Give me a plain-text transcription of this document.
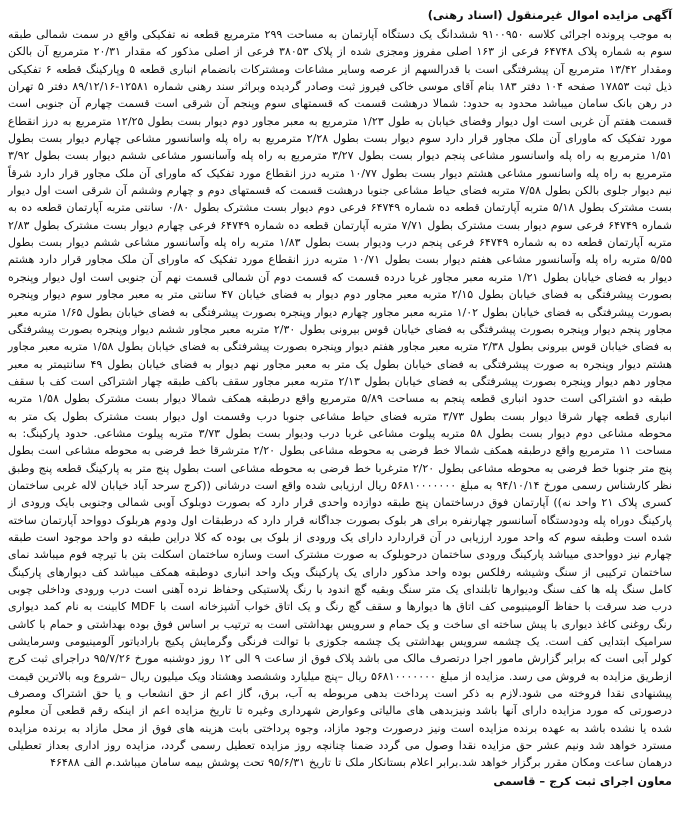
آگهی مزایده اموال غیرمنقول (اسناد رهنی)

به موجب پرونده اجرائی کلاسه ۹۱۰۰۹۵۰ ششدانگ یک دستگاه آپارتمان به مساحت ۲۹۹ مترمربع قطعه نه تفکیکی واقع در سمت شمالی طبقه سوم به شماره پلاک ۶۴۷۴۸ فرعی از ۱۶۳ اصلی مفروز ومجزی شده از پلاک ۳۸۰۵۳ فرعی از اصلی مذکور که مقدار ۲۰/۳۱ مترمربع آن بالکن ومقدار ۱۳/۴۲ مترمربع آن پیشرفتگی است با قدرالسهم از عرصه وسایر مشاعات ومشترکات بانضمام انباری قطعه ۵ وپارکینگ قطعه ۶ تفکیکی ذیل ثبت ۱۷۸۵۳ صفحه ۱۰۴ دفتر ۱۸۳ بنام آقای موسی خاکی فیروز ثبت وصادر گردیده وبراثر سند رهنی شماره ۱۲۵۸۱-۸۹/۱۲/۱۶ دفتر ۵ تهران در رهن بانک سامان میباشد محدود به حدود: شمالا درهشت قسمت که قسمتهای سوم وپنجم آن شرقی است قسمت چهارم آن جنوبی است قسمت هفتم آن غربی است اول دیوار وفضای خیابان به طول ۱/۲۳ مترمربع به معبر مجاور دوم دیوار بست بطول ۱۲/۲۵ مترمربع به درز انقطاع مورد تفکیک که ماورای آن ملک مجاور قرار دارد سوم دیوار بست بطول ۲/۲۸ مترمربع به راه پله واسانسور مشاعی چهارم دیوار بست بطول ۱/۵۱ مترمربع به راه پله واسانسور مشاعی پنجم دیوار بست بطول ۳/۲۷ مترمربع به راه پله وآسانسور مشاعی ششم دیوار بست بطول ۳/۹۲ مترمربع به راه پله واسانسور مشاعی هشتم دیوار بست بطول ۱۰/۷۷ متربه درز انقطاع مورد تفکیک که ماورای آن ملک مجاور قرار دارد شرقاً نیم دیوار جلوی بالکن بطول ۷/۵۸ متربه فضای حیاط مشاعی جنوبا درهشت قسمت که قسمتهای دوم و چهارم وششم آن شرقی است اول دیوار بست مشترک بطول ۵/۱۸ متربه آپارتمان قطعه ده شماره ۶۴۷۴۹ فرعی دوم دیوار بست مشترک بطول ۰/۸۰ سانتی متربه آپارتمان قطعه ده به شماره ۶۴۷۴۹ فرعی سوم دیوار بست مشترک بطول ۷/۷۱ متربه آپارتمان قطعه ده شماره ۶۴۷۴۹ فرعی چهارم دیوار بست مشترک بطول ۲/۸۳ متربه آپارتمان قطعه ده به شماره ۶۴۷۴۹ فرعی پنجم درب ودیوار بست بطول ۱/۸۳ متربه راه پله وآسانسور مشاعی ششم دیوار بست بطول ۵/۵۵ متربه راه پله وآسانسور مشاعی هفتم دیوار بست بطول ۱۰/۷۱ متربه درز انقطاع مورد تفکیک که ماورای آن ملک مجاور قرار دارد هشتم دیوار به فضای خیابان بطول ۱/۲۱ متربه معبر مجاور غربا درده قسمت که قسمت دوم آن شمالی قسمت نهم آن جنوبی است اول دیوار وپنجره بصورت پیشرفتگی به فضای خیابان بطول ۲/۱۵ متربه معبر مجاور دوم دیوار به فضای خیابان ۴۷ سانتی متر به معبر مجاور سوم دیوار وپنجره بصورت پیشرفتگی به فضای خیابان بطول ۱/۰۲ متربه معبر مجاور چهارم دیوار وپنجره بصورت پیشرفتگی به فضای خیابان بطول ۱/۶۵ متربه معبر مجاور پنجم دیوار وپنجره بصورت پیشرفتگی به فضای خیابان قوس بیرونی بطول ۲/۳۰ متربه معبر مجاور ششم دیوار وپنجره بصورت پیشرفتگی به فضای خیابان قوس بیرونی بطول ۲/۳۸ متربه معبر مجاور هفتم دیوار وپنجره بصورت پیشرفتگی به فضای خیابان بطول ۱/۵۸ متربه معبر مجاور هشتم دیوار وپنجره به صورت پیشرفتگی به فضای خیابان بطول یک متر به معبر مجاور نهم دیوار به فضای خیابان بطول ۴۹ سانتیمتر به معبر مجاور دهم دیوار وپنجره بصورت پیشرفتگی به فضای خیابان بطول ۲/۱۳ متربه معبر مجاور سقف باکف طبقه چهار اشتراکی است کف با سقف طبقه دو اشتراکی است حدود انباری قطعه پنجم به مساحت ۵/۸۹ مترمربع واقع درطبقه همکف شمالا دیوار بست مشترک بطول ۱/۵۸ متربه انباری قطعه چهار شرقا دیوار بست بطول ۳/۷۳ متربه فضای حیاط مشاعی جنوبا درب وقسمت اول دیوار بست مشترک بطول یک متر به محوطه مشاعی دوم دیوار بست بطول ۵۸ متربه پیلوت مشاعی غربا درب ودیوار بست بطول ۳/۷۳ متربه پیلوت مشاعی. حدود پارکینگ: به مساحت ۱۱ مترمربع واقع درطبقه همکف شمالا خط فرضی به محوطه مشاعی بطول ۲/۲۰ مترشرقا خط فرضی به محوطه مشاعی است بطول پنج متر جنوبا خط فرضی به محوطه مشاعی بطول ۲/۲۰ مترغربا خط فرضی به محوطه مشاعی است بطول پنج متر به پارکینگ قطعه پنج وطبق نظر کارشناس رسمی مورخ ۹۴/۱۰/۱۴ به مبلغ ۵۶۸۱۰۰۰۰۰۰۰ ریال ارزیابی شده واقع است درشانی ((کرج سرحد آباد خیابان لاله غربی ساختمان کسری پلاک ۲۱ واحد نه)) آپارتمان فوق درساختمان پنج طبقه دوازده واحدی قرار دارد که بصورت دوبلوک آوبی شمالی وجنوبی بایک ورودی از پارکینگ دوراه پله ودودستگاه آسانسور چهارنفره برای هر بلوک بصورت جداگانه قرار دارد که درطبقات اول ودوم هربلوک دوواحد آپارتمان ساخته شده است وطبقه سوم که واحد مورد ارزیابی در آن قراردارد دارای یک ورودی از بلوک بی بوده که کلا دراین طبقه دو واحد موجود است طبقه چهارم نیز دوواحدی میباشد پارکینگ ورودی ساختمان درحوبلوک به صورت مشترک است وسازه ساختمان اسکلت بتن با تیرچه فوم میباشد نمای ساختمان ترکیبی از سنگ وشیشه رفلکس بوده واحد مذکور دارای یک پارکینگ ویک واحد انباری دوطبقه همکف میباشد کف دیوارهای پارکینگ کامل سنگ پله ها کف سنگ ودیوارها تابلندای یک متر سنگ وبقیه گچ اندود با رنگ پلاستیکی وحفاظ نرده آهنی است درب ورودی وداخلی چوبی درب ضد سرقت با حفاظ آلومینیومی کف اتاق ها دیوارها و سقف گچ رنگ و یک اتاق خواب آشپزخانه است با MDF کابینت به نام کمد دیواری رنگ روغنی کاغذ دیواری با پیش ساخته ای ساخت و یک حمام و سرویس بهداشتی است به ترتیب بر اساس فوق بوده بهداشتی و حمام با کاشی سرامیک ابتدایی کف است. یک چشمه سرویس بهداشتی یک چشمه جکوزی با توالت فرنگی وگرمایش پکیج بارادیاتور آلومینیومی وسرمایشی کولر آبی است که برابر گزارش مامور اجرا درتصرف مالک می باشد پلاک فوق از ساعت ۹ الی ۱۲ روز دوشنبه مورخ ۹۵/۷/۲۶ دراجرای ثبت کرج ازطریق مزایده به فروش می رسد. مزایده از مبلغ ۵۶۸۱۰۰۰۰۰۰۰ ریال –پنج میلیارد وششصد وهشتاد ویک میلیون ریال –شروع وبه بالاترین قیمت پیشنهادی نقدا فروخته می شود.لازم به ذکر است پرداخت بدهی مربوطه به آب، برق، گاز اعم از حق انشعاب و یا حق اشتراک ومصرف درصورتی که مورد مزایده دارای آنها باشد ونیزبدهی های مالیاتی وعوارض شهرداری وغیره تا تاریخ مزایده اعم از اینکه رقم قطعی آن معلوم شده یا نشده باشد به عهده برنده مزایده است ونیز درصورت وجود مازاد، وجوه پرداختی بابت هزینه های فوق از محل مازاد به برنده مزایده مسترد خواهد شد ونیم عشر حق مزایده نقدا وصول می گردد ضمنا چنانچه روز مزایده تعطیل رسمی گردد، مزایده روز اداری بعداز تعطیلی درهمان ساعت ومکان مقرر برگزار خواهد شد.برابر اعلام بستانکار ملک تا تاریخ ۹۵/۶/۳۱ تحت پوشش بیمه سامان میباشد.م الف ۴۶۴۸۸

معاون اجرای ثبت کرج – قاسمی
